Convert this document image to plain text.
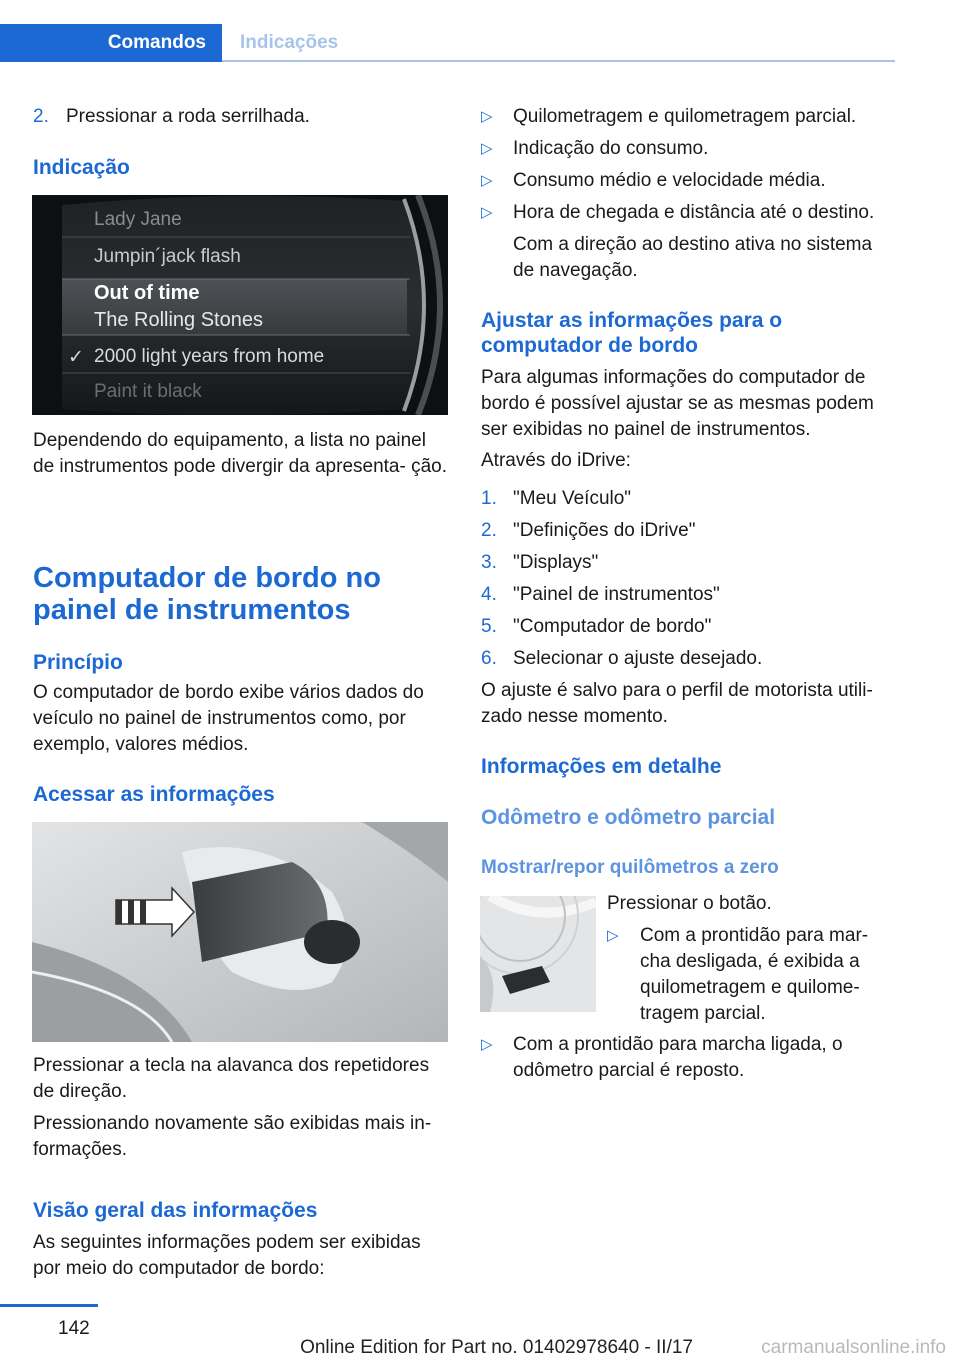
Comandos	Indicações
2. Pressionar a roda serrilhada.

Indicação

Lady Jane
Jumpin´jack flash
Out of time
The Rolling Stones
✓ 2000 light years from home
Paint it black

Dependendo do equipamento, a lista no painel de instrumentos pode divergir da apresenta‐ ção.

Computador de bordo no

painel de instrumentos

Princípio

O computador de bordo exibe vários dados do veículo no painel de instrumentos como, por exemplo, valores médios.

Acessar as informações

Pressionar a tecla na alavanca dos repetidores de direção.

Pressionando novamente são exibidas mais in‐ formações.

Visão geral das informações

As seguintes informações podem ser exibidas por meio do computador de bordo:

▷ Quilometragem e quilometragem parcial.

▷ Indicação do consumo.

▷ Consumo médio e velocidade média.

▷ Hora de chegada e distância até o destino.

Com a direção ao destino ativa no sistema de navegação.

Ajustar as informações para o

computador de bordo

Para algumas informações do computador de bordo é possível ajustar se as mesmas podem ser exibidas no painel de instrumentos.

Através do iDrive:

1. "Meu Veículo"

2. "Definições do iDrive"

3. "Displays"

4. "Painel de instrumentos"

5. "Computador de bordo"

6. Selecionar o ajuste desejado.

O ajuste é salvo para o perfil de motorista utili‐ zado nesse momento.

Informações em detalhe

Odômetro e odômetro parcial

Mostrar/repor quilômetros a zero

Pressionar o botão.

▷ Com a prontidão para mar‐ cha desligada, é exibida a quilometragem e quilome‐ tragem parcial.

▷ Com a prontidão para marcha ligada, o odômetro parcial é reposto.

142
Online Edition for Part no. 01402978640 - II/17	carmanualsonline.info
